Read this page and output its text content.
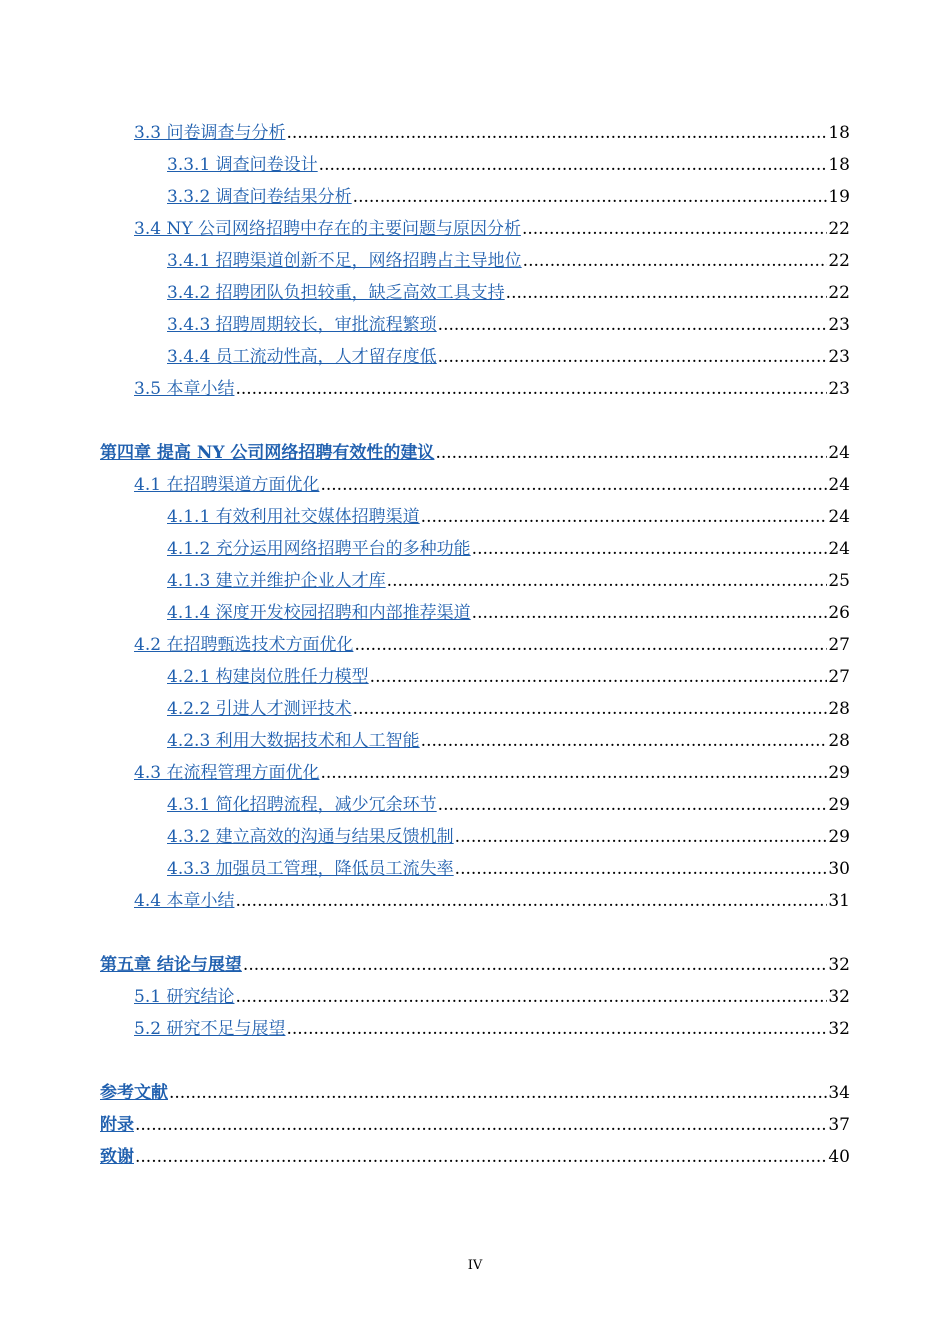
3.3 问卷调查与分析 .....	18
3.3.1 调查问卷设计 .....	18
3.3.2 调查问卷结果分析 .....	19
3.4 NY 公司网络招聘中存在的主要问题与原因分析 .....	22
3.4.1 招聘渠道创新不足，网络招聘占主导地位 .....	22
3.4.2 招聘团队负担较重，缺乏高效工具支持 .....	22
3.4.3 招聘周期较长，审批流程繁琐 .....	23
3.4.4 员工流动性高，人才留存度低 .....	23
3.5 本章小结 .....	23
第四章 提高 NY 公司网络招聘有效性的建议 .....	24
4.1 在招聘渠道方面优化 .....	24
4.1.1 有效利用社交媒体招聘渠道 .....	24
4.1.2 充分运用网络招聘平台的多种功能 .....	24
4.1.3 建立并维护企业人才库 .....	25
4.1.4 深度开发校园招聘和内部推荐渠道 .....	26
4.2 在招聘甄选技术方面优化 .....	27
4.2.1 构建岗位胜任力模型 .....	27
4.2.2 引进人才测评技术 .....	28
4.2.3 利用大数据技术和人工智能 .....	28
4.3 在流程管理方面优化 .....	29
4.3.1 简化招聘流程，减少冗余环节 .....	29
4.3.2 建立高效的沟通与结果反馈机制 .....	29
4.3.3 加强员工管理，降低员工流失率 .....	30
4.4 本章小结 .....	31
第五章 结论与展望 .....	32
5.1 研究结论 .....	32
5.2 研究不足与展望 .....	32
参考文献 .....	34
附录 .....	37
致谢 .....	40
IV
